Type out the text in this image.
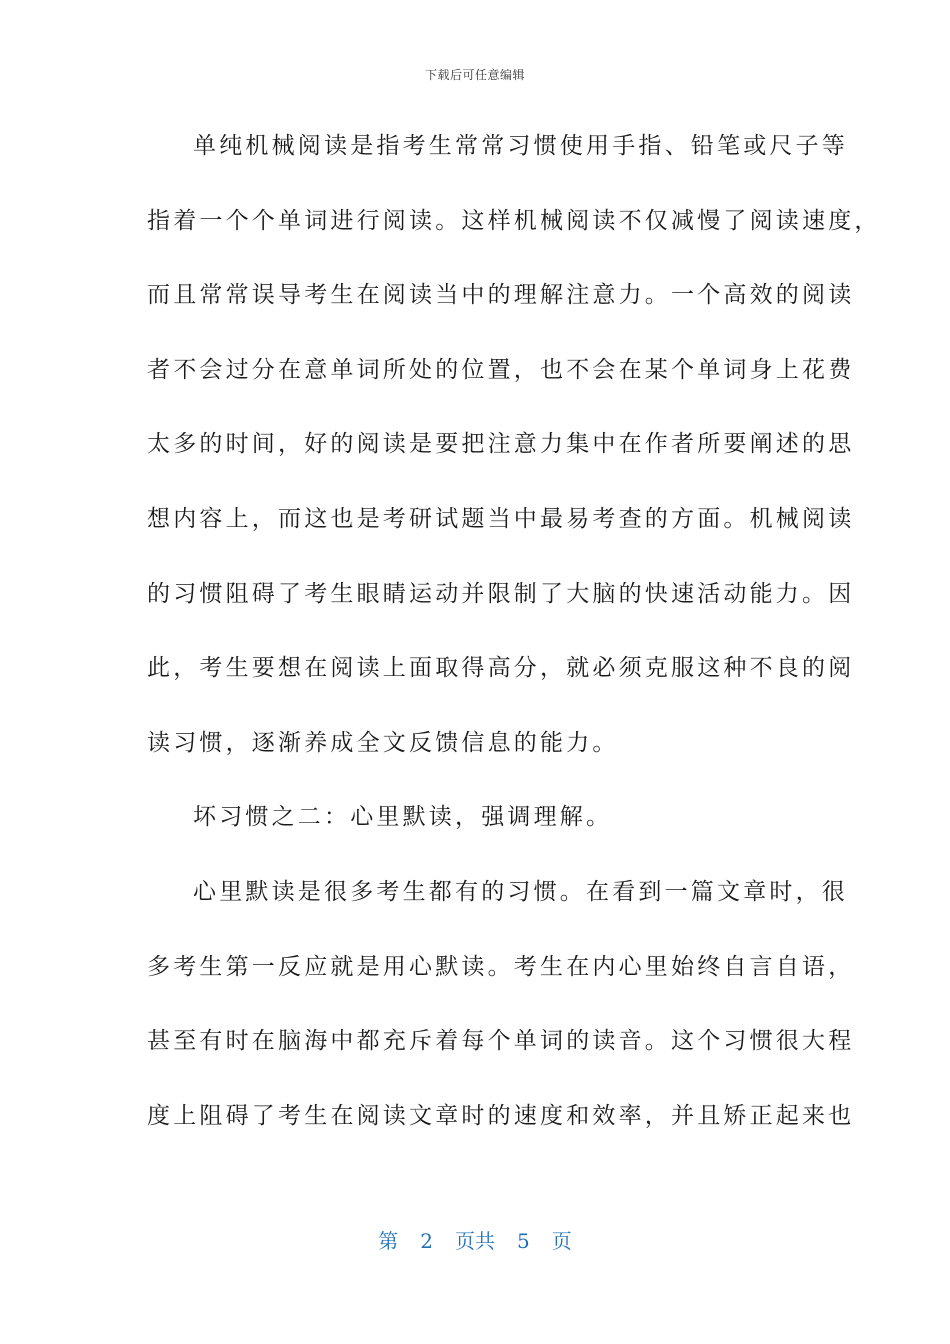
下载后可任意编辑
单纯机械阅读是指考生常常习惯使用手指、铅笔或尺子等
指着一个个单词进行阅读。这样机械阅读不仅减慢了阅读速度，
而且常常误导考生在阅读当中的理解注意力。一个高效的阅读
者不会过分在意单词所处的位置，也不会在某个单词身上花费
太多的时间，好的阅读是要把注意力集中在作者所要阐述的思
想内容上，而这也是考研试题当中最易考查的方面。机械阅读
的习惯阻碍了考生眼睛运动并限制了大脑的快速活动能力。因
此，考生要想在阅读上面取得高分，就必须克服这种不良的阅
读习惯，逐渐养成全文反馈信息的能力。
坏习惯之二：心里默读，强调理解。
心里默读是很多考生都有的习惯。在看到一篇文章时，很
多考生第一反应就是用心默读。考生在内心里始终自言自语，
甚至有时在脑海中都充斥着每个单词的读音。这个习惯很大程
度上阻碍了考生在阅读文章时的速度和效率，并且矫正起来也
第 2 页共 5 页
